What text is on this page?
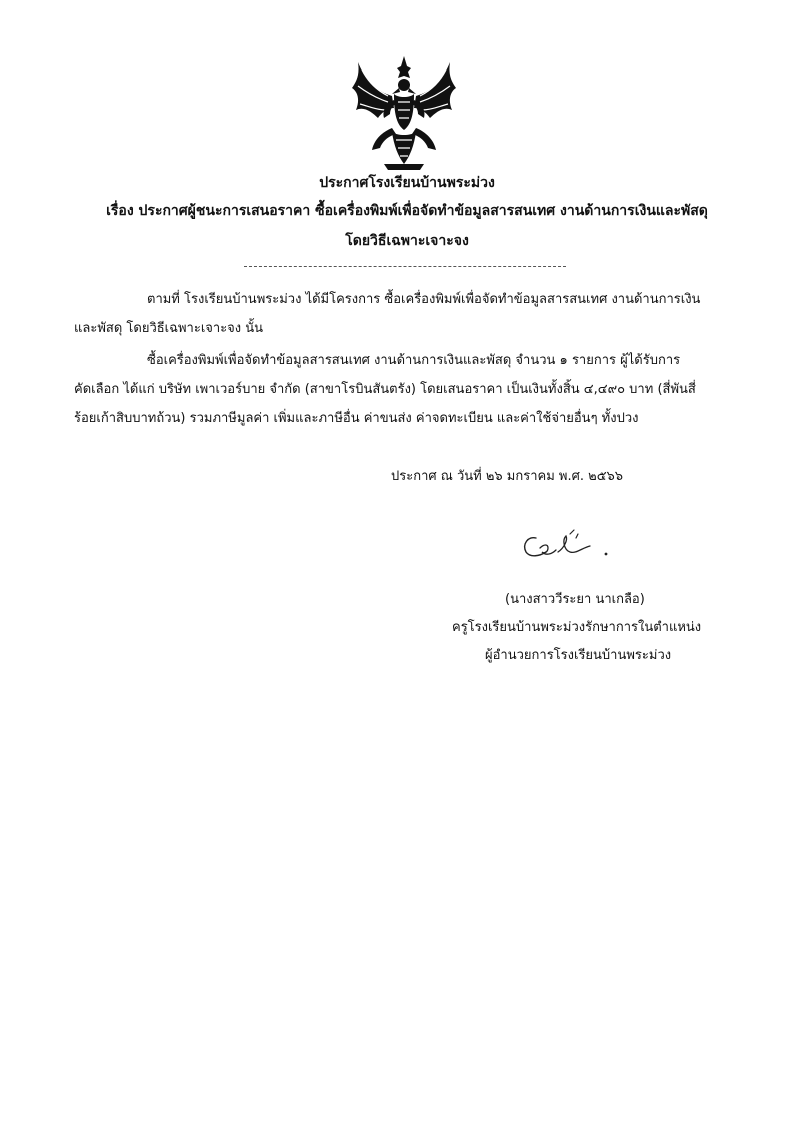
ประกาศโรงเรียนบ้านพระม่วง
เรื่อง ประกาศผู้ชนะการเสนอราคา ซื้อเครื่องพิมพ์เพื่อจัดทำข้อมูลสารสนเทศ งานด้านการเงินและพัสดุ
โดยวิธีเฉพาะเจาะจง
ตามที่ โรงเรียนบ้านพระม่วง ได้มีโครงการ ซื้อเครื่องพิมพ์เพื่อจัดทำข้อมูลสารสนเทศ งานด้านการเงิน
และพัสดุ โดยวิธีเฉพาะเจาะจง นั้น
ซื้อเครื่องพิมพ์เพื่อจัดทำข้อมูลสารสนเทศ งานด้านการเงินและพัสดุ จำนวน ๑ รายการ ผู้ได้รับการ
คัดเลือก ได้แก่ บริษัท เพาเวอร์บาย จำกัด (สาขาโรบินสันตรัง) โดยเสนอราคา เป็นเงินทั้งสิ้น ๔,๔๙๐ บาท (สี่พันสี่
ร้อยเก้าสิบบาทถ้วน) รวมภาษีมูลค่า เพิ่มและภาษีอื่น ค่าขนส่ง ค่าจดทะเบียน และค่าใช้จ่ายอื่นๆ ทั้งปวง
ประกาศ ณ วันที่ ๒๖ มกราคม พ.ศ. ๒๕๖๖
(นางสาววีระยา นาเกลือ)
ครูโรงเรียนบ้านพระม่วงรักษาการในตำแหน่ง
ผู้อำนวยการโรงเรียนบ้านพระม่วง
